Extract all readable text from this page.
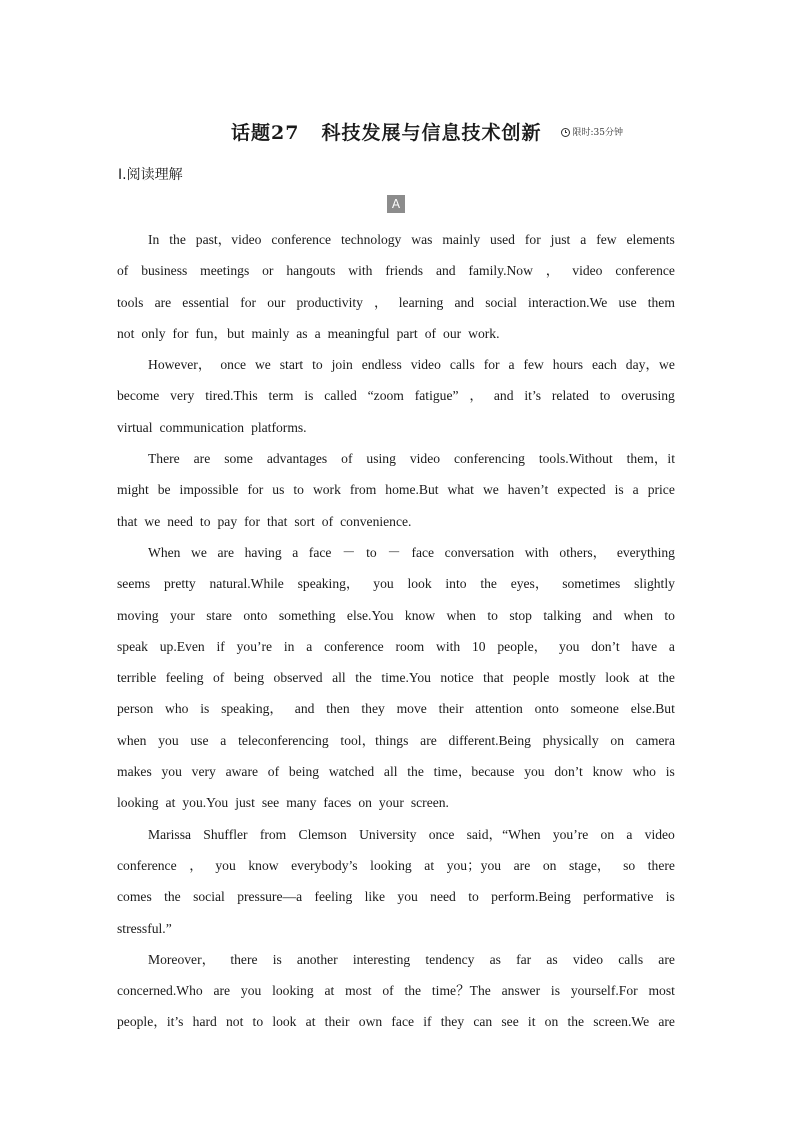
话题27 科技发展与信息技术创新	限时:35分钟
Ⅰ.阅读理解
A
In the past，video conference technology was mainly used for just a few elements
of business meetings or hangouts with friends and family.Now ， video conference
tools are essential for our productivity ， learning and social interaction.We use them
not only for fun，but mainly as a meaningful part of our work.
However， once we start to join endless video calls for a few hours each day，we
become very tired.This term is called “zoom fatigue” ， and it’s related to overusing
virtual communication platforms.
There are some advantages of using video conferencing tools.Without them，it
might be impossible for us to work from home.But what we haven’t expected is a price
that we need to pay for that sort of convenience.
When we are having a face － to － face conversation with others， everything
seems pretty natural.While speaking， you look into the eyes， sometimes slightly
moving your stare onto something else.You know when to stop talking and when to
speak up.Even if you’re in a conference room with 10 people， you don’t have a
terrible feeling of being observed all the time.You notice that people mostly look at the
person who is speaking， and then they move their attention onto someone else.But
when you use a teleconferencing tool，things are different.Being physically on camera
makes you very aware of being watched all the time，because you don’t know who is
looking at you.You just see many faces on your screen.
Marissa Shuffler from Clemson University once said，“When you’re on a video
conference ， you know everybody’s looking at you；you are on stage， so there
comes the social pressure—a feeling like you need to perform.Being performative is
stressful.”
Moreover， there is another interesting tendency as far as video calls are
concerned.Who are you looking at most of the time？The answer is yourself.For most
people，it’s hard not to look at their own face if they can see it on the screen.We are
